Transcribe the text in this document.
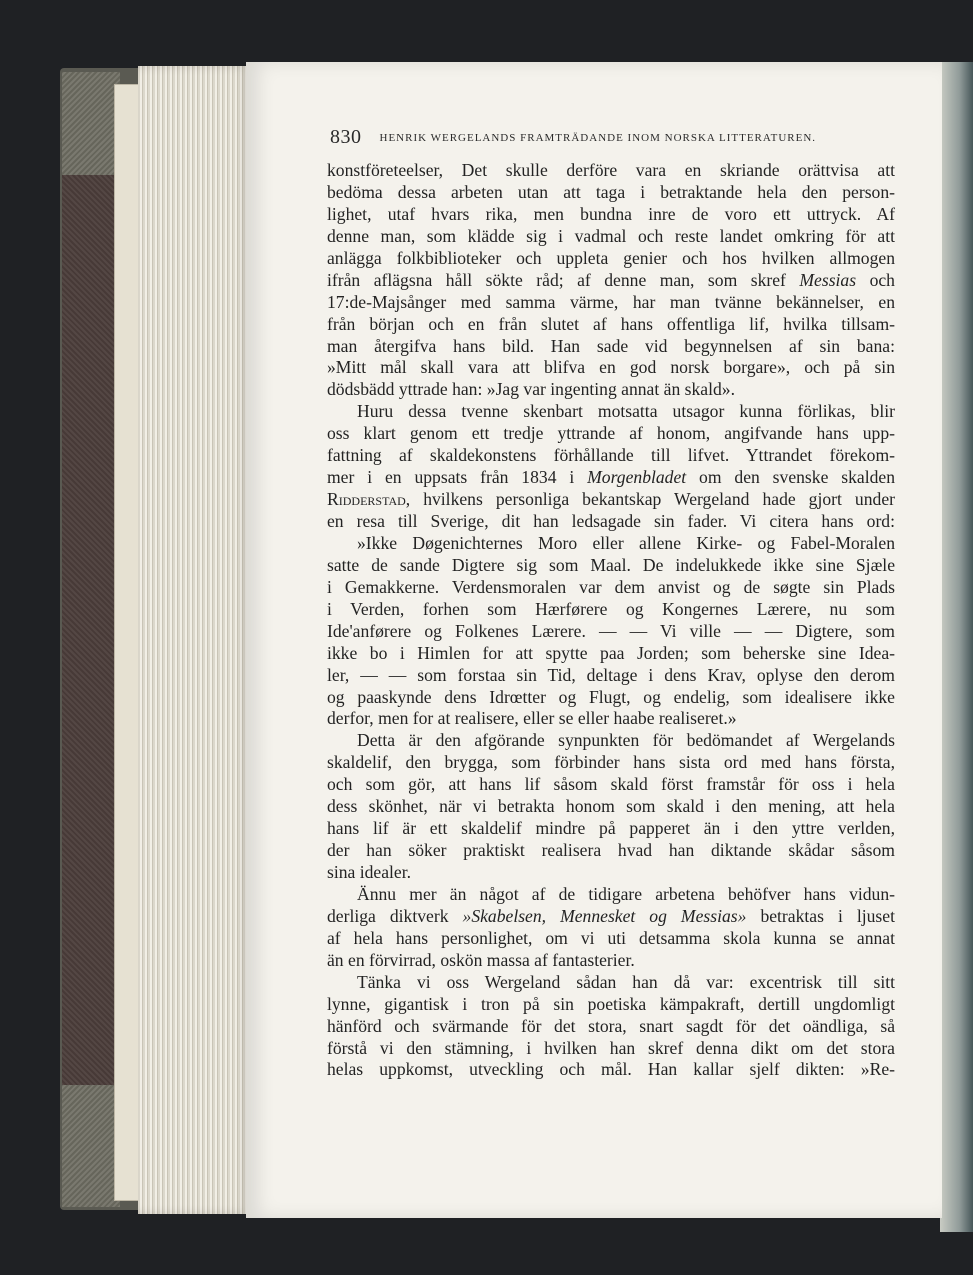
830 HENRIK WERGELANDS FRAMTRÄDANDE INOM NORSKA LITTERATUREN.
konstföreteelser, Det skulle derföre vara en skriande orättvisa att
bedöma dessa arbeten utan att taga i betraktande hela den person-
lighet, utaf hvars rika, men bundna inre de voro ett uttryck. Af
denne man, som klädde sig i vadmal och reste landet omkring för att
anlägga folkbiblioteker och uppleta genier och hos hvilken allmogen
ifrån aflägsna håll sökte råd; af denne man, som skref Messias och
17:de-Majsånger med samma värme, har man tvänne bekännelser, en
från början och en från slutet af hans offentliga lif, hvilka tillsam-
man återgifva hans bild. Han sade vid begynnelsen af sin bana:
»Mitt mål skall vara att blifva en god norsk borgare», och på sin
dödsbädd yttrade han: »Jag var ingenting annat än skald».
Huru dessa tvenne skenbart motsatta utsagor kunna förlikas, blir
oss klart genom ett tredje yttrande af honom, angifvande hans upp-
fattning af skaldekonstens förhållande till lifvet. Yttrandet förekom-
mer i en uppsats från 1834 i Morgenbladet om den svenske skalden
Ridderstad, hvilkens personliga bekantskap Wergeland hade gjort under
en resa till Sverige, dit han ledsagade sin fader. Vi citera hans ord:
»Ikke Døgenichternes Moro eller allene Kirke- og Fabel-Moralen
satte de sande Digtere sig som Maal. De indelukkede ikke sine Sjæle
i Gemakkerne. Verdensmoralen var dem anvist og de søgte sin Plads
i Verden, forhen som Hærførere og Kongernes Lærere, nu som
Ide'anførere og Folkenes Lærere. — — Vi ville — — Digtere, som
ikke bo i Himlen for att spytte paa Jorden; som beherske sine Idea-
ler, — — som forstaa sin Tid, deltage i dens Krav, oplyse den derom
og paaskynde dens Idrœtter og Flugt, og endelig, som idealisere ikke
derfor, men for at realisere, eller se eller haabe realiseret.»
Detta är den afgörande synpunkten för bedömandet af Wergelands
skaldelif, den brygga, som förbinder hans sista ord med hans första,
och som gör, att hans lif såsom skald först framstår för oss i hela
dess skönhet, när vi betrakta honom som skald i den mening, att hela
hans lif är ett skaldelif mindre på papperet än i den yttre verlden,
der han söker praktiskt realisera hvad han diktande skådar såsom
sina idealer.
Ännu mer än något af de tidigare arbetena behöfver hans vidun-
derliga diktverk »Skabelsen, Mennesket og Messias» betraktas i ljuset
af hela hans personlighet, om vi uti detsamma skola kunna se annat
än en förvirrad, oskön massa af fantasterier.
Tänka vi oss Wergeland sådan han då var: excentrisk till sitt
lynne, gigantisk i tron på sin poetiska kämpakraft, dertill ungdomligt
hänförd och svärmande för det stora, snart sagdt för det oändliga, så
förstå vi den stämning, i hvilken han skref denna dikt om det stora
helas uppkomst, utveckling och mål. Han kallar sjelf dikten: »Re-
